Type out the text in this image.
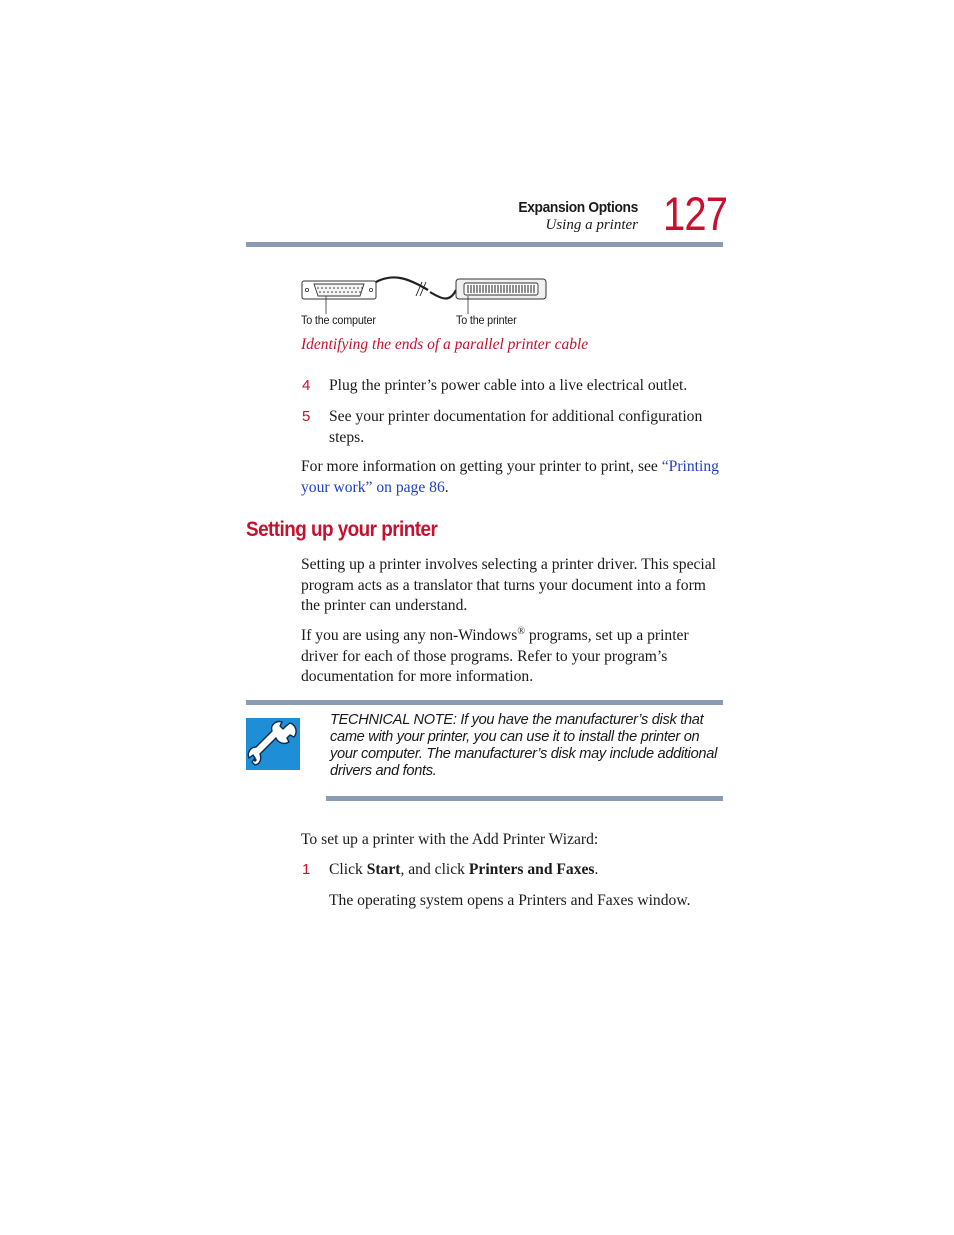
Expansion Options
Using a printer 127
To the computer	To the printer
Identifying the ends of a parallel printer cable
4 Plug the printer’s power cable into a live electrical outlet.
5 See your printer documentation for additional configuration steps.
For more information on getting your printer to print, see “Printing your work” on page 86.
Setting up your printer
Setting up a printer involves selecting a printer driver. This special program acts as a translator that turns your document into a form the printer can understand.
If you are using any non-Windows® programs, set up a printer driver for each of those programs. Refer to your program’s documentation for more information.
TECHNICAL NOTE: If you have the manufacturer’s disk that came with your printer, you can use it to install the printer on your computer. The manufacturer’s disk may include additional drivers and fonts.
To set up a printer with the Add Printer Wizard:
1 Click Start, and click Printers and Faxes.
The operating system opens a Printers and Faxes window.
